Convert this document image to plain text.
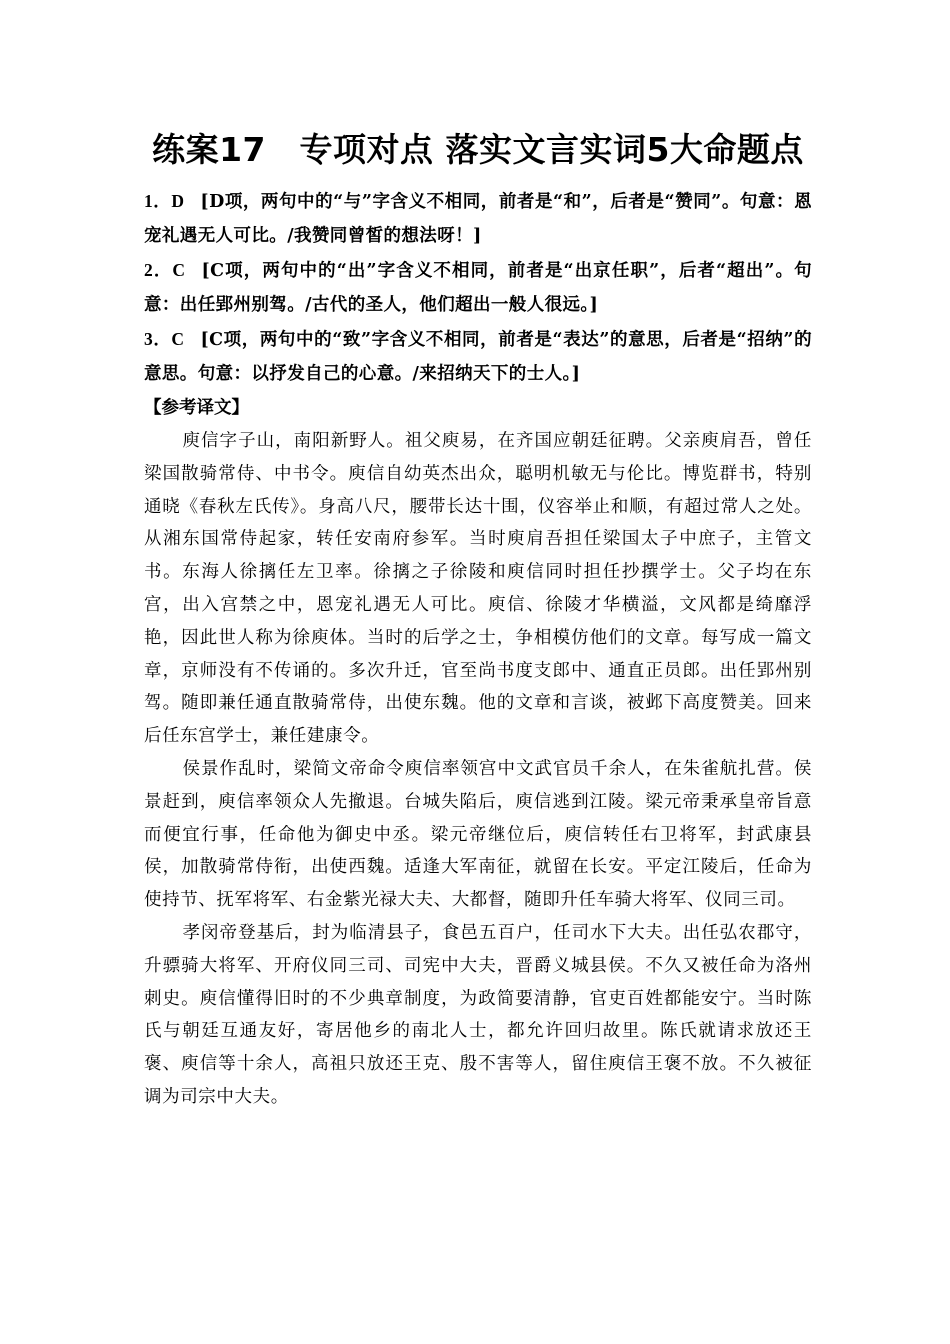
练案17　专项对点 落实文言实词5大命题点

1．D [D项，两句中的“与”字含义不相同，前者是“和”，后者是“赞同”。句意：恩宠礼遇无人可比。/我赞同曾皙的想法呀！]

2．C [C项，两句中的“出”字含义不相同，前者是“出京任职”，后者“超出”。句意：出任郢州别驾。/古代的圣人，他们超出一般人很远。]

3．C [C项，两句中的“致”字含义不相同，前者是“表达”的意思，后者是“招纳”的意思。句意：以抒发自己的心意。/来招纳天下的士人。]

【参考译文】

庾信字子山，南阳新野人。祖父庾易，在齐国应朝廷征聘。父亲庾肩吾，曾任梁国散骑常侍、中书令。庾信自幼英杰出众，聪明机敏无与伦比。博览群书，特别通晓《春秋左氏传》。身高八尺，腰带长达十围，仪容举止和顺，有超过常人之处。从湘东国常侍起家，转任安南府参军。当时庾肩吾担任梁国太子中庶子，主管文书。东海人徐摛任左卫率。徐摛之子徐陵和庾信同时担任抄撰学士。父子均在东宫，出入宫禁之中，恩宠礼遇无人可比。庾信、徐陵才华横溢，文风都是绮靡浮艳，因此世人称为徐庾体。当时的后学之士，争相模仿他们的文章。每写成一篇文章，京师没有不传诵的。多次升迁，官至尚书度支郎中、通直正员郎。出任郢州别驾。随即兼任通直散骑常侍，出使东魏。他的文章和言谈，被邺下高度赞美。回来后任东宫学士，兼任建康令。

侯景作乱时，梁简文帝命令庾信率领宫中文武官员千余人，在朱雀航扎营。侯景赶到，庾信率领众人先撤退。台城失陷后，庾信逃到江陵。梁元帝秉承皇帝旨意而便宜行事，任命他为御史中丞。梁元帝继位后，庾信转任右卫将军，封武康县侯，加散骑常侍衔，出使西魏。适逢大军南征，就留在长安。平定江陵后，任命为使持节、抚军将军、右金紫光禄大夫、大都督，随即升任车骑大将军、仪同三司。

孝闵帝登基后，封为临清县子，食邑五百户，任司水下大夫。出任弘农郡守，升骠骑大将军、开府仪同三司、司宪中大夫，晋爵义城县侯。不久又被任命为洛州刺史。庾信懂得旧时的不少典章制度，为政简要清静，官吏百姓都能安宁。当时陈氏与朝廷互通友好，寄居他乡的南北人士，都允许回归故里。陈氏就请求放还王褒、庾信等十余人，高祖只放还王克、殷不害等人，留住庾信王褒不放。不久被征调为司宗中大夫。
